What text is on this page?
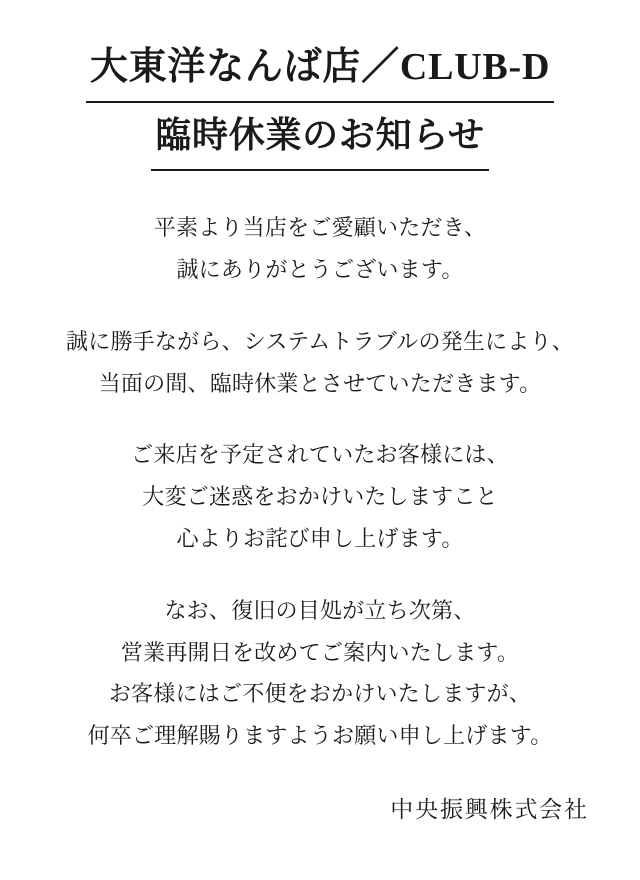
大東洋なんば店／CLUB-D
臨時休業のお知らせ
平素より当店をご愛顧いただき、
誠にありがとうございます。
誠に勝手ながら、システムトラブルの発生により、
当面の間、臨時休業とさせていただきます。
ご来店を予定されていたお客様には、
大変ご迷惑をおかけいたしますこと
心よりお詫び申し上げます。
なお、復旧の目処が立ち次第、
営業再開日を改めてご案内いたします。
お客様にはご不便をおかけいたしますが、
何卒ご理解賜りますようお願い申し上げます。
中央振興株式会社
